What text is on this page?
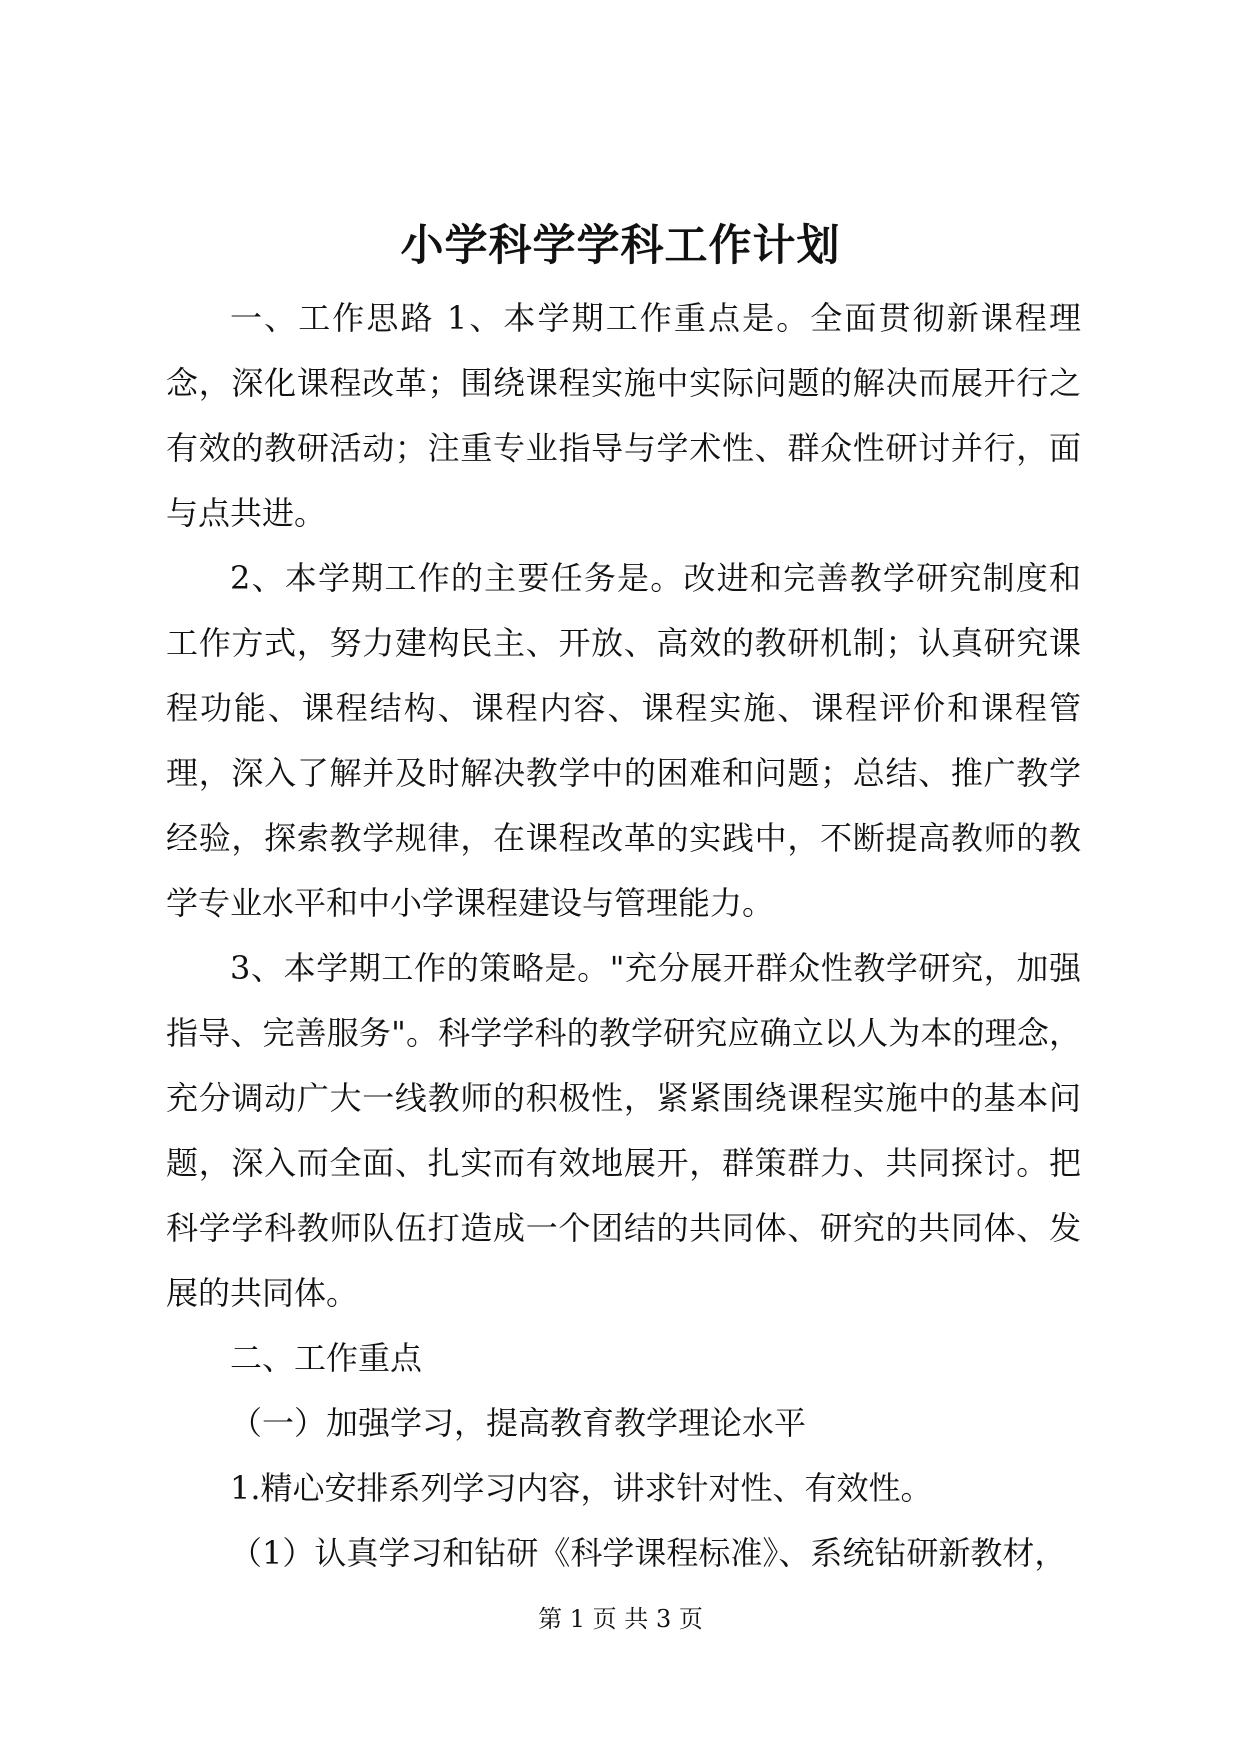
小学科学学科工作计划

一、工作思路 1、本学期工作重点是。全面贯彻新课程理念，深化课程改革；围绕课程实施中实际问题的解决而展开行之有效的教研活动；注重专业指导与学术性、群众性研讨并行，面与点共进。

2、本学期工作的主要任务是。改进和完善教学研究制度和工作方式，努力建构民主、开放、高效的教研机制；认真研究课程功能、课程结构、课程内容、课程实施、课程评价和课程管理，深入了解并及时解决教学中的困难和问题；总结、推广教学经验，探索教学规律，在课程改革的实践中，不断提高教师的教学专业水平和中小学课程建设与管理能力。

3、本学期工作的策略是。"充分展开群众性教学研究，加强指导、完善服务"。科学学科的教学研究应确立以人为本的理念，充分调动广大一线教师的积极性，紧紧围绕课程实施中的基本问题，深入而全面、扎实而有效地展开，群策群力、共同探讨。把科学学科教师队伍打造成一个团结的共同体、研究的共同体、发展的共同体。

二、工作重点

（一）加强学习，提高教育教学理论水平

1.精心安排系列学习内容，讲求针对性、有效性。

（1）认真学习和钻研《科学课程标准》、系统钻研新教材，

第 1 页 共 3 页
